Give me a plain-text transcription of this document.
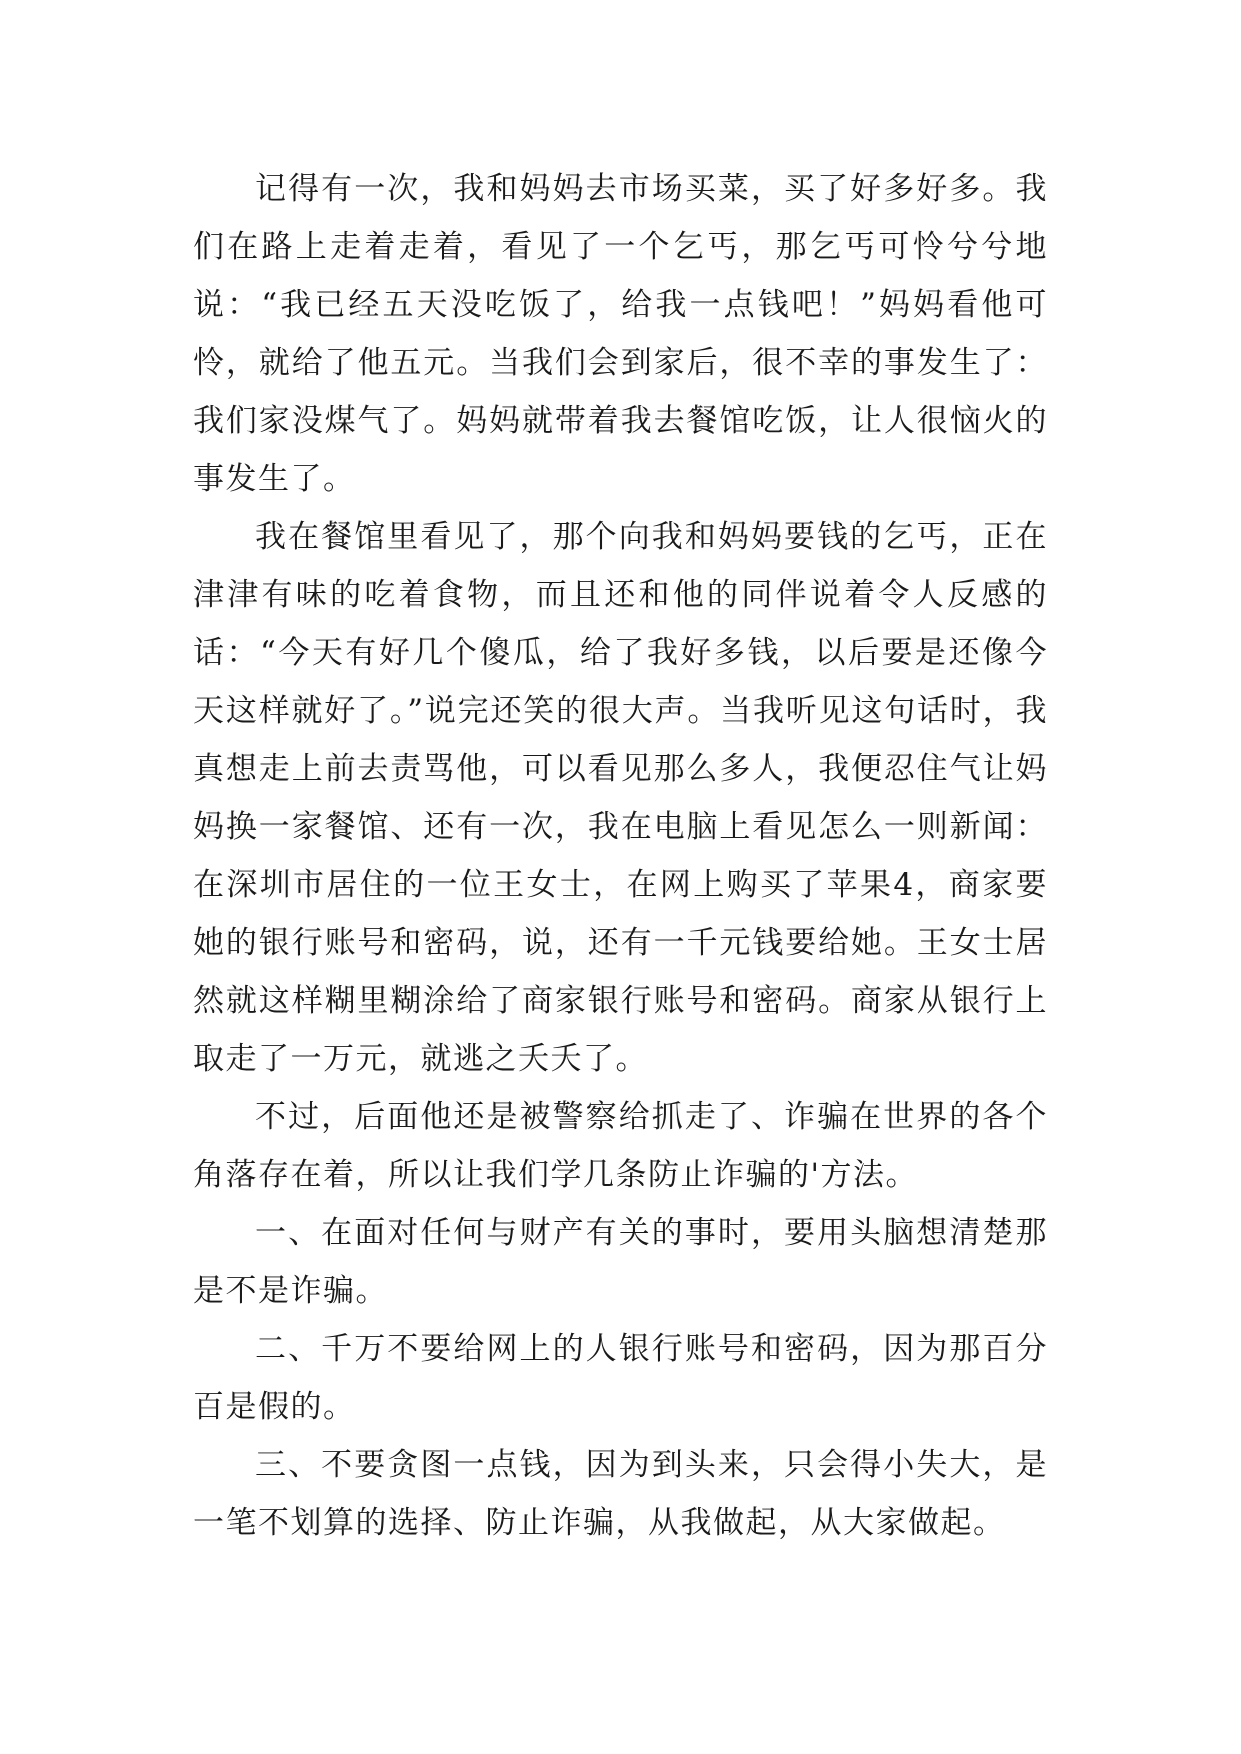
记得有一次，我和妈妈去市场买菜，买了好多好多。我们在路上走着走着，看见了一个乞丐，那乞丐可怜兮兮地说：“我已经五天没吃饭了，给我一点钱吧！”妈妈看他可怜，就给了他五元。当我们会到家后，很不幸的事发生了：我们家没煤气了。妈妈就带着我去餐馆吃饭，让人很恼火的事发生了。

我在餐馆里看见了，那个向我和妈妈要钱的乞丐，正在津津有味的吃着食物，而且还和他的同伴说着令人反感的话：“今天有好几个傻瓜，给了我好多钱，以后要是还像今天这样就好了。”说完还笑的很大声。当我听见这句话时，我真想走上前去责骂他，可以看见那么多人，我便忍住气让妈妈换一家餐馆、还有一次，我在电脑上看见怎么一则新闻：在深圳市居住的一位王女士，在网上购买了苹果4，商家要她的银行账号和密码，说，还有一千元钱要给她。王女士居然就这样糊里糊涂给了商家银行账号和密码。商家从银行上取走了一万元，就逃之夭夭了。

不过，后面他还是被警察给抓走了、诈骗在世界的各个角落存在着，所以让我们学几条防止诈骗的'方法。

一、在面对任何与财产有关的事时，要用头脑想清楚那是不是诈骗。

二、千万不要给网上的人银行账号和密码，因为那百分百是假的。

三、不要贪图一点钱，因为到头来，只会得小失大，是一笔不划算的选择、防止诈骗，从我做起，从大家做起。
